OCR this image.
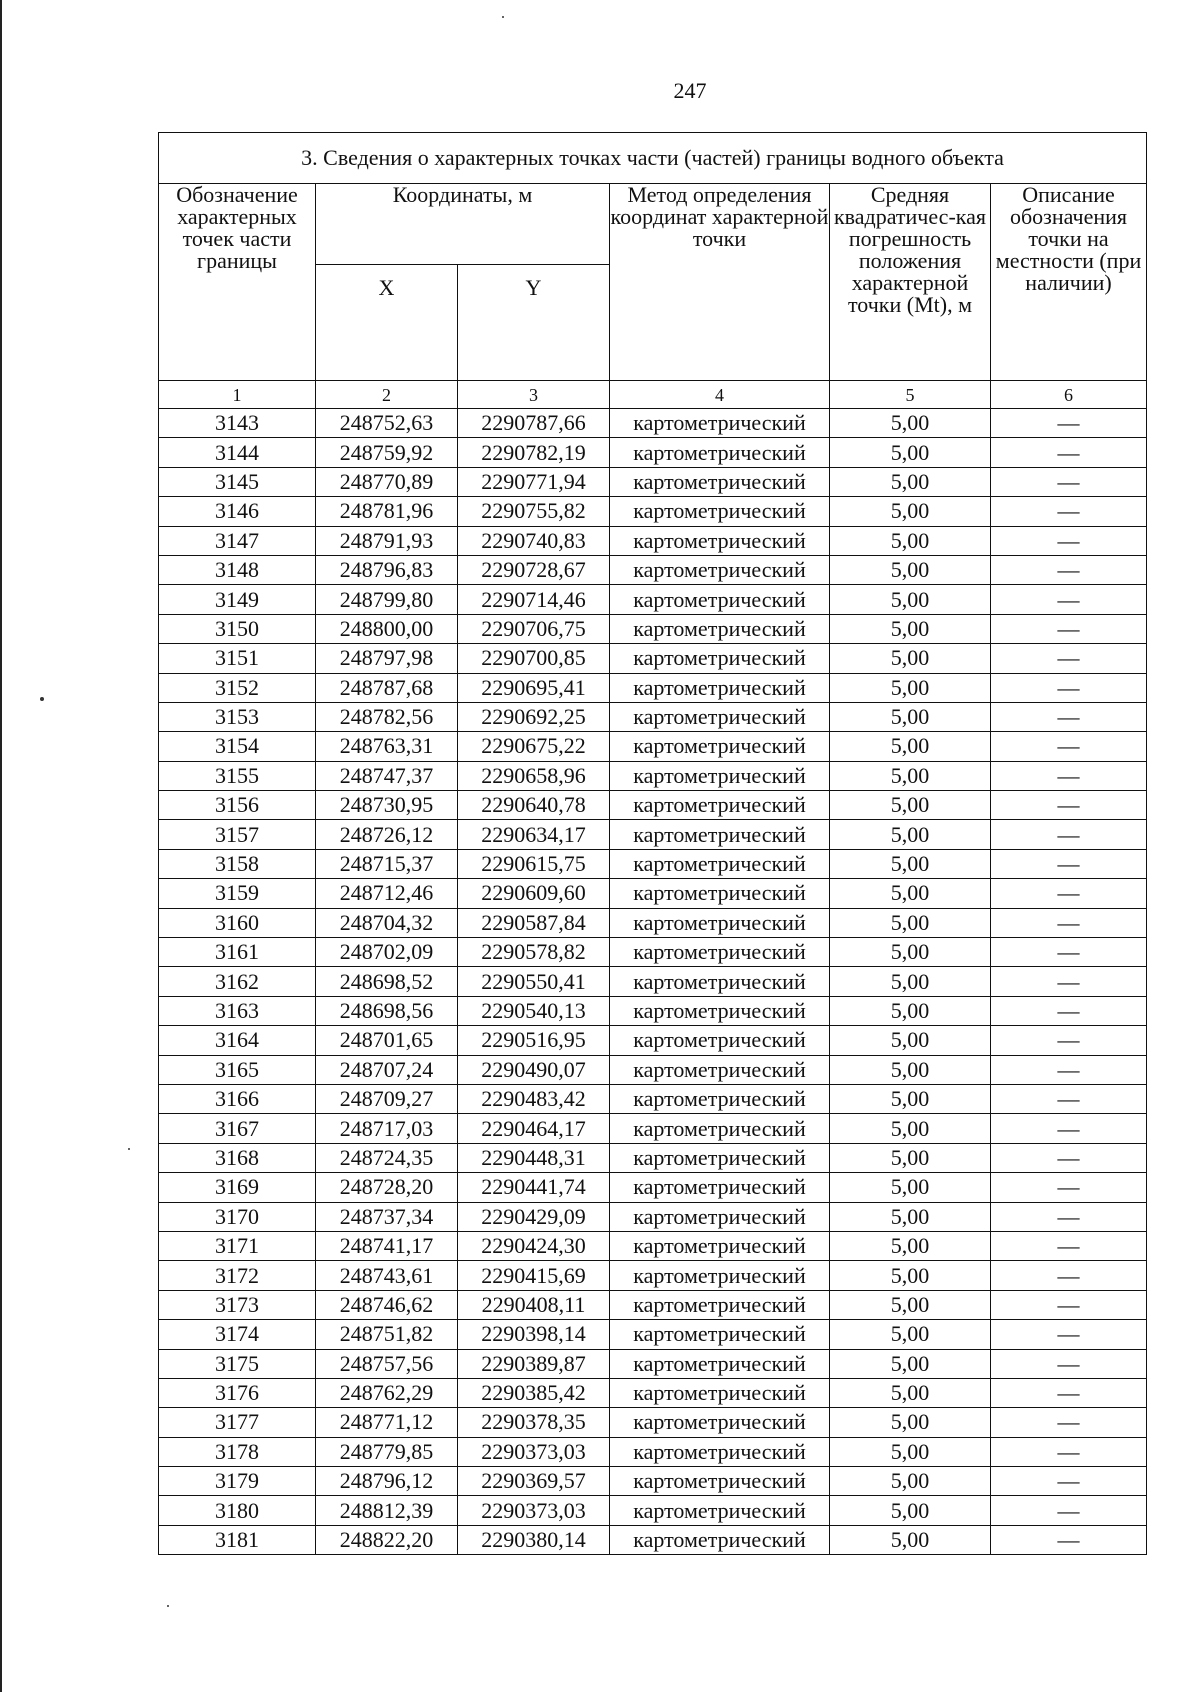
247
3. Сведения о характерных точках части (частей) границы водного объекта					
Обозначение характерных точек части границы	Координаты, м		Метод определения координат характерной точки	Средняя квадратичес-кая погрешность положения характерной точки (Mt), м	Описание обозначения точки на местности (при наличии)
	X	Y			
1	2	3	4	5	6
3143	248752,63	2290787,66	картометрический	5,00	—
3144	248759,92	2290782,19	картометрический	5,00	—
3145	248770,89	2290771,94	картометрический	5,00	—
3146	248781,96	2290755,82	картометрический	5,00	—
3147	248791,93	2290740,83	картометрический	5,00	—
3148	248796,83	2290728,67	картометрический	5,00	—
3149	248799,80	2290714,46	картометрический	5,00	—
3150	248800,00	2290706,75	картометрический	5,00	—
3151	248797,98	2290700,85	картометрический	5,00	—
3152	248787,68	2290695,41	картометрический	5,00	—
3153	248782,56	2290692,25	картометрический	5,00	—
3154	248763,31	2290675,22	картометрический	5,00	—
3155	248747,37	2290658,96	картометрический	5,00	—
3156	248730,95	2290640,78	картометрический	5,00	—
3157	248726,12	2290634,17	картометрический	5,00	—
3158	248715,37	2290615,75	картометрический	5,00	—
3159	248712,46	2290609,60	картометрический	5,00	—
3160	248704,32	2290587,84	картометрический	5,00	—
3161	248702,09	2290578,82	картометрический	5,00	—
3162	248698,52	2290550,41	картометрический	5,00	—
3163	248698,56	2290540,13	картометрический	5,00	—
3164	248701,65	2290516,95	картометрический	5,00	—
3165	248707,24	2290490,07	картометрический	5,00	—
3166	248709,27	2290483,42	картометрический	5,00	—
3167	248717,03	2290464,17	картометрический	5,00	—
3168	248724,35	2290448,31	картометрический	5,00	—
3169	248728,20	2290441,74	картометрический	5,00	—
3170	248737,34	2290429,09	картометрический	5,00	—
3171	248741,17	2290424,30	картометрический	5,00	—
3172	248743,61	2290415,69	картометрический	5,00	—
3173	248746,62	2290408,11	картометрический	5,00	—
3174	248751,82	2290398,14	картометрический	5,00	—
3175	248757,56	2290389,87	картометрический	5,00	—
3176	248762,29	2290385,42	картометрический	5,00	—
3177	248771,12	2290378,35	картометрический	5,00	—
3178	248779,85	2290373,03	картометрический	5,00	—
3179	248796,12	2290369,57	картометрический	5,00	—
3180	248812,39	2290373,03	картометрический	5,00	—
3181	248822,20	2290380,14	картометрический	5,00	—
